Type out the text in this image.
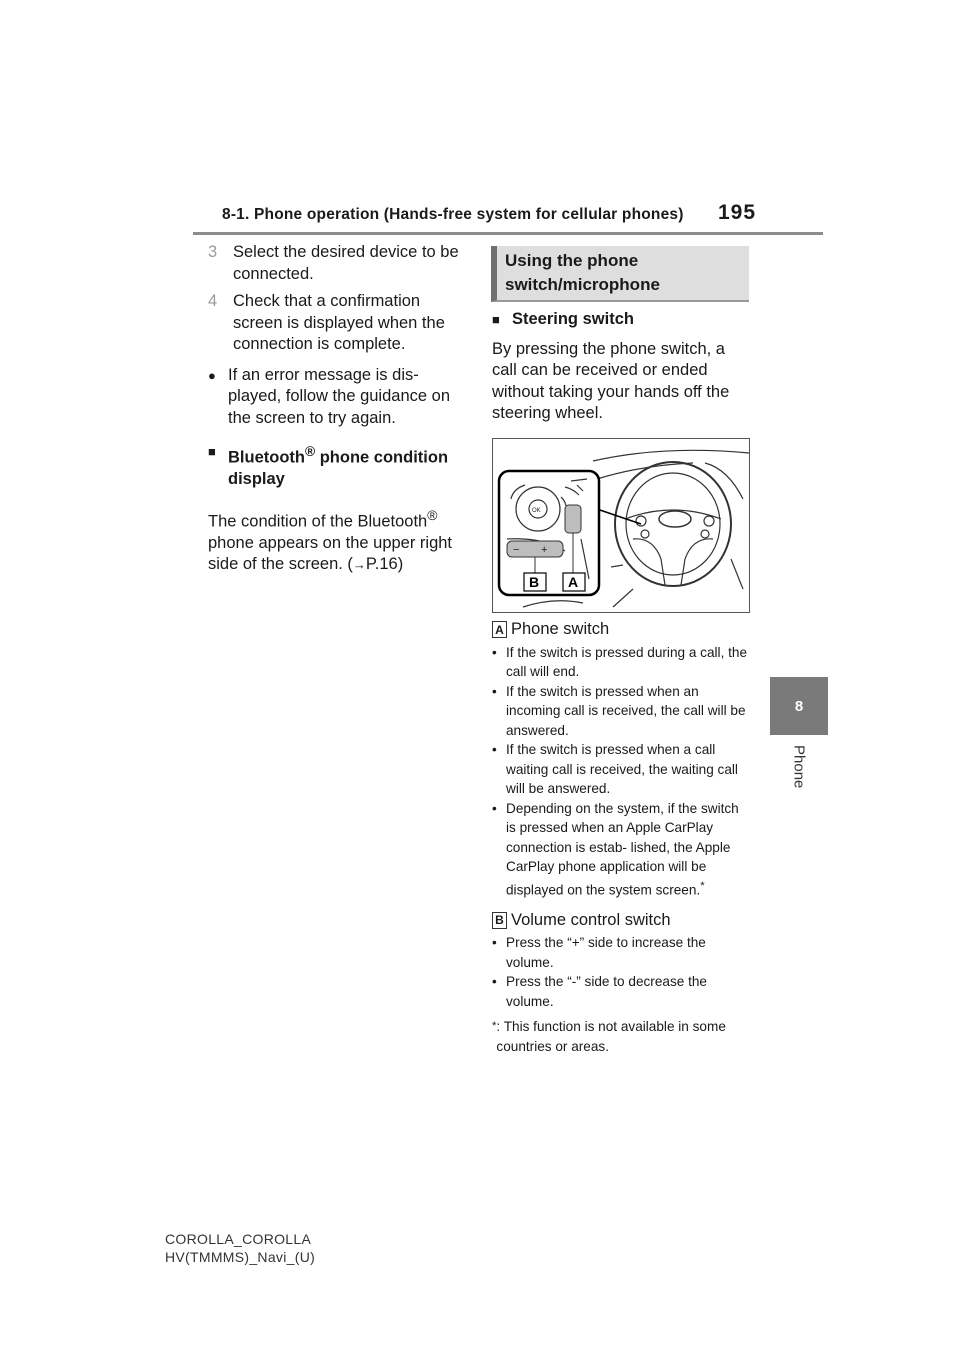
8-1. Phone operation (Hands-free system for cellular phones) 195
8
Phone
3 Select the desired device to be connected.
4 Check that a confirmation screen is displayed when the connection is complete.
● If an error message is dis- played, follow the guidance on the screen to try again.
■ Bluetooth® phone condition display
The condition of the Bluetooth® phone appears on the upper right side of the screen. (→P.16)
Using the phone switch/microphone
■ Steering switch
By pressing the phone switch, a call can be received or ended without taking your hands off the steering wheel.
− +
OK
B A
A Phone switch
• If the switch is pressed during a call, the call will end.
• If the switch is pressed when an incoming call is received, the call will be answered.
• If the switch is pressed when a call waiting call is received, the waiting call will be answered.
• Depending on the system, if the switch is pressed when an Apple CarPlay connection is estab- lished, the Apple CarPlay phone application will be displayed on the system screen.*
B Volume control switch
• Press the “+” side to increase the volume.
• Press the “-” side to decrease the volume.
* : This function is not available in some countries or areas.
COROLLA_COROLLA
HV(TMMMS)_Navi_(U)
